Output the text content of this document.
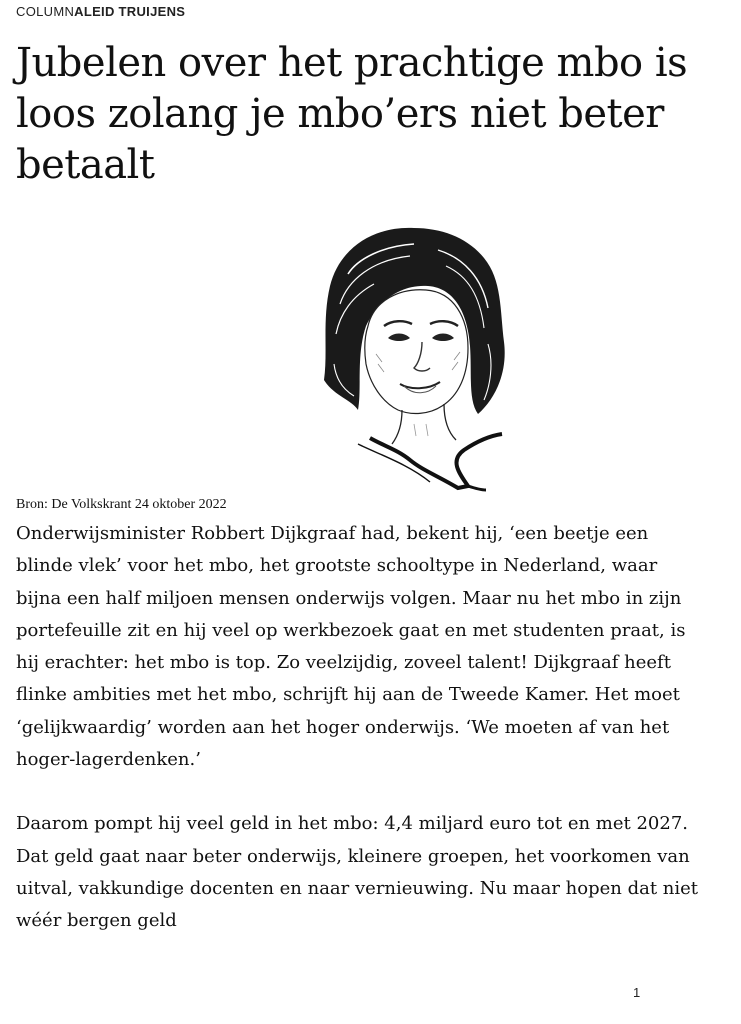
COLUMNALEID TRUIJENS
Jubelen over het prachtige mbo is loos zolang je mbo’ers niet beter betaalt
Bron: De Volkskrant 24 oktober 2022

Onderwijsminister Robbert Dijkgraaf had, bekent hij, ‘een beetje een blinde vlek’ voor het mbo, het grootste schooltype in Nederland, waar bijna een half miljoen mensen onderwijs volgen. Maar nu het mbo in zijn portefeuille zit en hij veel op werkbezoek gaat en met studenten praat, is hij erachter: het mbo is top. Zo veelzijdig, zoveel talent! Dijkgraaf heeft flinke ambities met het mbo, schrijft hij aan de Tweede Kamer. Het moet ‘gelijkwaardig’ worden aan het hoger onderwijs. ‘We moeten af van het hoger-lagerdenken.’

Daarom pompt hij veel geld in het mbo: 4,4 miljard euro tot en met 2027. Dat geld gaat naar beter onderwijs, kleinere groepen, het voorkomen van uitval, vakkundige docenten en naar vernieuwing. Nu maar hopen dat niet wéér bergen geld

1
